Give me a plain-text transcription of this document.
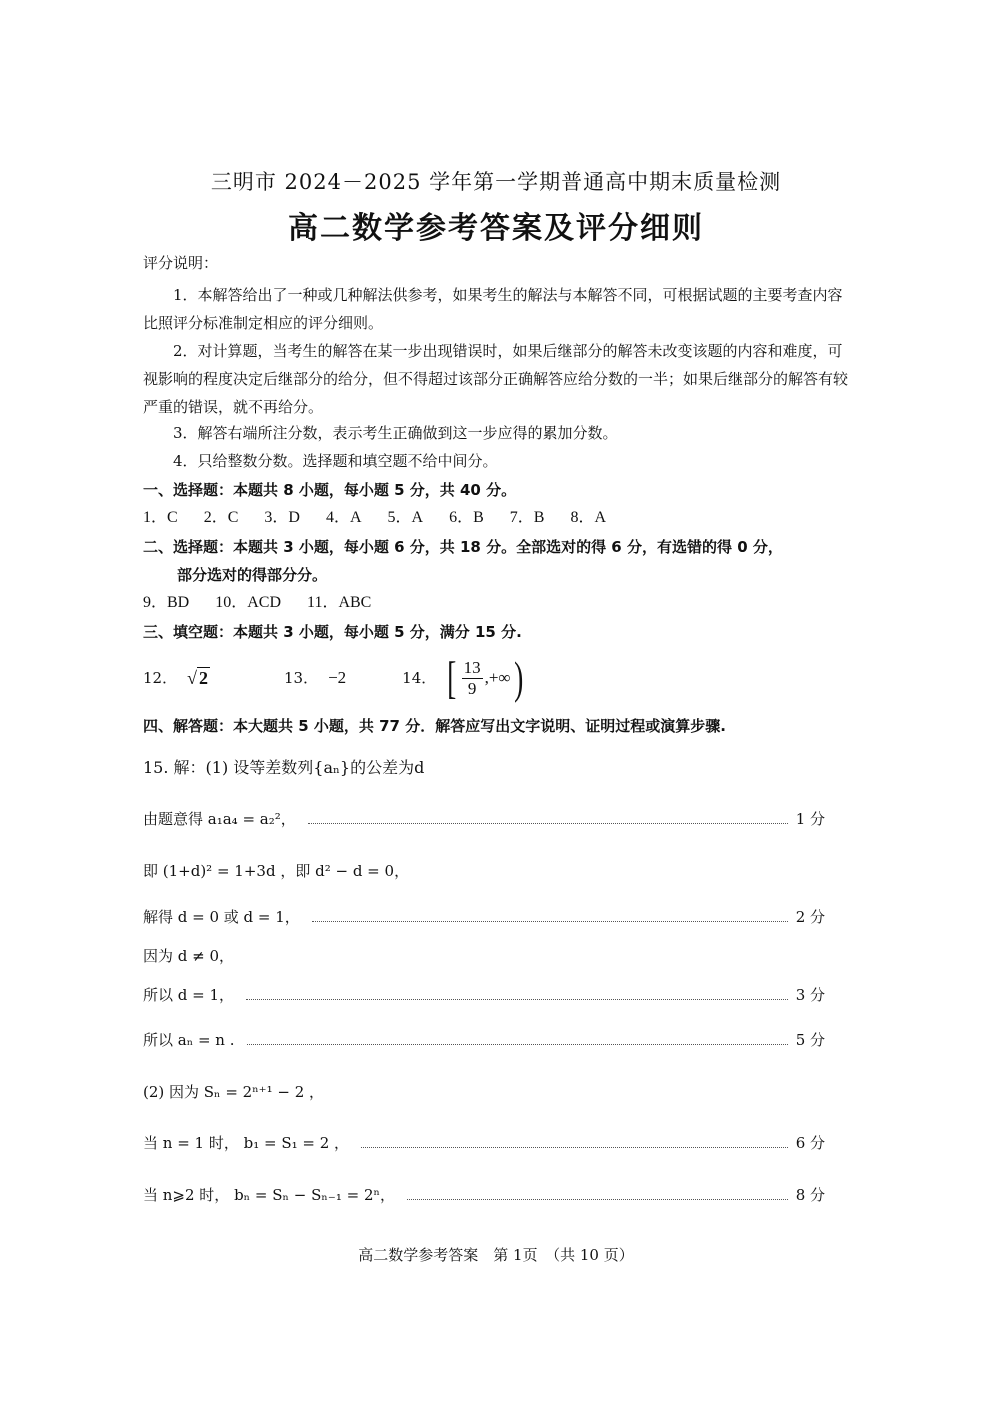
三明市 2024－2025 学年第一学期普通高中期末质量检测
高二数学参考答案及评分细则
评分说明：
1．本解答给出了一种或几种解法供参考，如果考生的解法与本解答不同，可根据试题的主要考查内容比照评分标准制定相应的评分细则。
2．对计算题，当考生的解答在某一步出现错误时，如果后继部分的解答未改变该题的内容和难度，可视影响的程度决定后继部分的给分，但不得超过该部分正确解答应给分数的一半；如果后继部分的解答有较严重的错误，就不再给分。
3．解答右端所注分数，表示考生正确做到这一步应得的累加分数。
4．只给整数分数。选择题和填空题不给中间分。
一、选择题：本题共 8 小题，每小题 5 分，共 40 分。
1．C 2．C 3．D 4．A 5．A 6．B 7．B 8．A
二、选择题：本题共 3 小题，每小题 6 分，共 18 分。全部选对的得 6 分，有选错的得 0 分，
部分选对的得部分分。
9．BD 10．ACD 11．ABC
三、填空题：本题共 3 小题，每小题 5 分，满分 15 分.
12． √ 2	13． −2	14． [ $\frac{13}{9}$ ,+∞ )
四、解答题：本大题共 5 小题，共 77 分．解答应写出文字说明、证明过程或演算步骤.
15. 解：(1) 设等差数列{aₙ}的公差为d
由题意得 a₁a₄ = a₂²，	1 分
即 (1+d)² = 1+3d ，即 d² − d = 0，
解得 d = 0 或 d = 1，	2 分
因为 d ≠ 0，
所以 d = 1，	3 分
所以 aₙ = n .	5 分
(2) 因为 Sₙ = 2ⁿ⁺¹ − 2 ，
当 n = 1 时， b₁ = S₁ = 2 ，	6 分
当 n⩾2 时， bₙ = Sₙ − Sₙ₋₁ = 2ⁿ，	8 分
高二数学参考答案　第 1页　（共 10 页）
